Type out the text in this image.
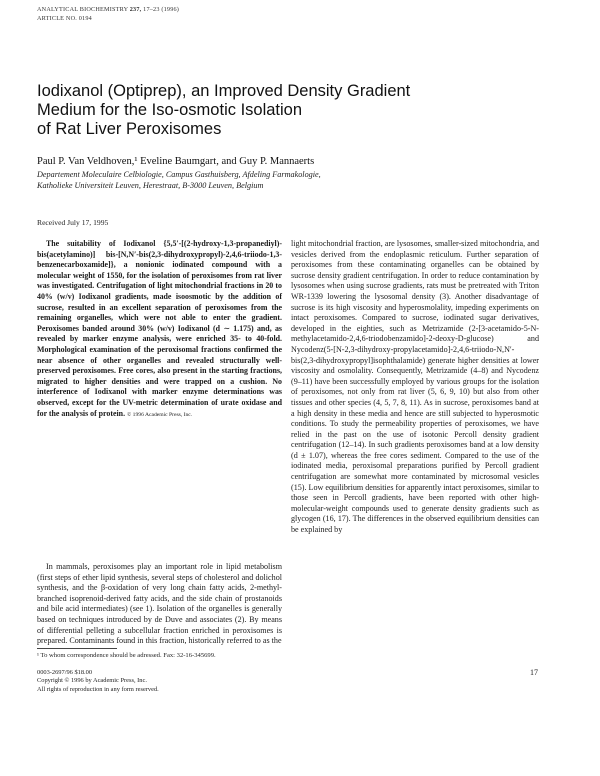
ANALYTICAL BIOCHEMISTRY 237, 17–23 (1996)
ARTICLE NO. 0194
Iodixanol (Optiprep), an Improved Density Gradient
Medium for the Iso-osmotic Isolation
of Rat Liver Peroxisomes
Paul P. Van Veldhoven,¹ Eveline Baumgart, and Guy P. Mannaerts
Departement Moleculaire Celbiologie, Campus Gasthuisberg, Afdeling Farmakologie,
Katholieke Universiteit Leuven, Herestraat, B-3000 Leuven, Belgium
Received July 17, 1995

The suitability of Iodixanol {5,5′-[(2-hydroxy-1,3-propanediyl)-bis(acetylamino)] bis-[N,N′-bis(2,3-dihydroxypropyl)-2,4,6-triiodo-1,3-benzenecarboxamide]}, a nonionic iodinated compound with a molecular weight of 1550, for the isolation of peroxisomes from rat liver was investigated. Centrifugation of light mitochondrial fractions in 20 to 40% (w/v) Iodixanol gradients, made isoosmotic by the addition of sucrose, resulted in an excellent separation of peroxisomes from the remaining organelles, which were not able to enter the gradient. Peroxisomes banded around 30% (w/v) Iodixanol (d ∼ 1.175) and, as revealed by marker enzyme analysis, were enriched 35- to 40-fold. Morphological examination of the peroxisomal fractions confirmed the near absence of other organelles and revealed structurally well-preserved peroxisomes. Free cores, also present in the starting fractions, migrated to higher densities and were trapped on a cushion. No interference of Iodixanol with marker enzyme determinations was observed, except for the UV-metric determination of urate oxidase and for the analysis of protein. © 1996 Academic Press, Inc.

In mammals, peroxisomes play an important role in lipid metabolism (first steps of ether lipid synthesis, several steps of cholesterol and dolichol synthesis, and the β-oxidation of very long chain fatty acids, 2-methyl-branched isoprenoid-derived fatty acids, and the side chain of prostanoids and bile acid intermediates) (see 1). Isolation of the organelles is generally based on techniques introduced by de Duve and associates (2). By means of differential pelleting a subcellular fraction enriched in peroxisomes is prepared. Contaminants found in this fraction, historically referred to as the

light mitochondrial fraction, are lysosomes, smaller-sized mitochondria, and vesicles derived from the endoplasmic reticulum. Further separation of peroxisomes from these contaminating organelles can be obtained by sucrose density gradient centrifugation. In order to reduce contamination by lysosomes when using sucrose gradients, rats must be pretreated with Triton WR-1339 lowering the lysosomal density (3). Another disadvantage of sucrose is its high viscosity and hyperosmolality, impeding experiments on intact peroxisomes. Compared to sucrose, iodinated sugar derivatives, developed in the eighties, such as Metrizamide (2-[3-acetamido-5-N-methylacetamido-2,4,6-triodobenzamido]-2-deoxy-D-glucose) and Nycodenz(5-[N-2,3-dihydroxy-propylacetamido]-2,4,6-triiodo-N,N′-bis(2,3-dihydroxypropyl]isophthalamide) generate higher densities at lower viscosity and osmolality. Consequently, Metrizamide (4–8) and Nycodenz (9–11) have been successfully employed by various groups for the isolation of peroxisomes, not only from rat liver (5, 6, 9, 10) but also from other tissues and other species (4, 5, 7, 8, 11). As in sucrose, peroxisomes band at a high density in these media and hence are still subjected to hyperosmotic conditions. To study the permeability properties of peroxisomes, we have relied in the past on the use of isotonic Percoll density gradient centrifugation (12–14). In such gradients peroxisomes band at a low density (d ± 1.07), whereas the free cores sediment. Compared to the use of the iodinated media, peroxisomal preparations purified by Percoll gradient centrifugation are somewhat more contaminated by microsomal vesicles (15). Low equilibrium densities for apparently intact peroxisomes, similar to those seen in Percoll gradients, have been reported with other high-molecular-weight compounds used to generate density gradients such as glycogen (16, 17). The differences in the observed equilibrium densities can be explained by

¹ To whom correspondence should be adressed. Fax: 32-16-345699.
0003-2697/96 $18.00
Copyright © 1996 by Academic Press, Inc.
All rights of reproduction in any form reserved.
17
